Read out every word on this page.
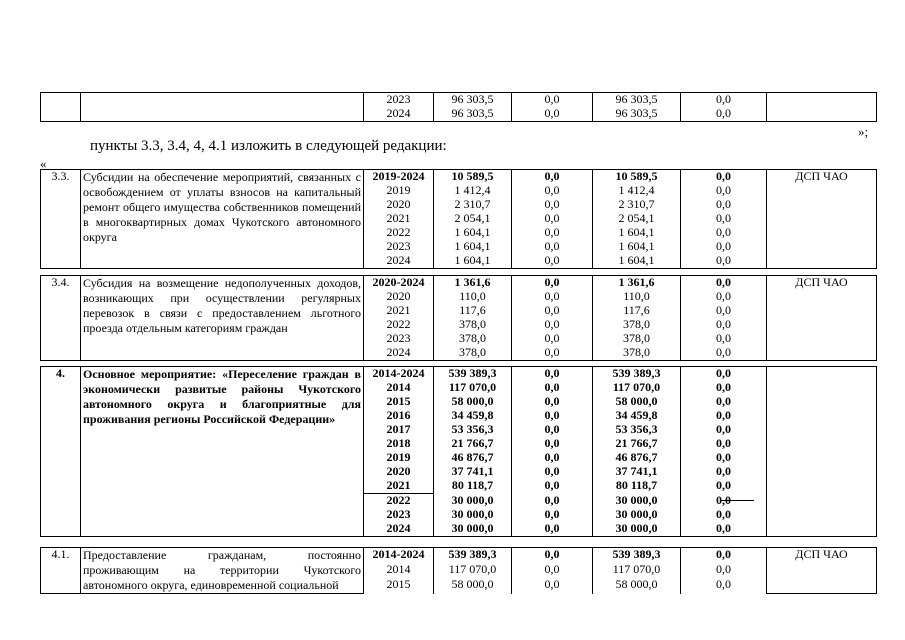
		2023	96 303,5	0,0	96 303,5	0,0	
		2024	96 303,5	0,0	96 303,5	0,0	
»;
пункты 3.3, 3.4, 4, 4.1 изложить в следующей редакции:
«
3.3.	Субсидии на обеспечение мероприятий, связанных с освобождением от уплаты взносов на капитальный ремонт общего имущества собственников помещений в многоквартирных домах Чукотского автономного округа	2019-2024	10 589,5	0,0	10 589,5	0,0	ДСП ЧАО
		2019	1 412,4	0,0	1 412,4	0,0	
		2020	2 310,7	0,0	2 310,7	0,0	
		2021	2 054,1	0,0	2 054,1	0,0	
		2022	1 604,1	0,0	1 604,1	0,0	
		2023	1 604,1	0,0	1 604,1	0,0	
		2024	1 604,1	0,0	1 604,1	0,0	
3.4.	Субсидия на возмещение недополученных доходов, возникающих при осуществлении регулярных перевозок в связи с предоставлением льготного проезда отдельным категориям граждан	2020-2024	1 361,6	0,0	1 361,6	0,0	ДСП ЧАО
		2020	110,0	0,0	110,0	0,0	
		2021	117,6	0,0	117,6	0,0	
		2022	378,0	0,0	378,0	0,0	
		2023	378,0	0,0	378,0	0,0	
		2024	378,0	0,0	378,0	0,0	
4.	Основное мероприятие: «Переселение граждан в экономически развитые районы Чукотского автономного округа и благоприятные для проживания регионы Российской Федерации»	2014-2024	539 389,3	0,0	539 389,3	0,0	
		2014	117 070,0	0,0	117 070,0	0,0	
		2015	58 000,0	0,0	58 000,0	0,0	
		2016	34 459,8	0,0	34 459,8	0,0	
		2017	53 356,3	0,0	53 356,3	0,0	
		2018	21 766,7	0,0	21 766,7	0,0	
		2019	46 876,7	0,0	46 876,7	0,0	
		2020	37 741,1	0,0	37 741,1	0,0	
		2021	80 118,7	0,0	80 118,7	0,0	
		2022	30 000,0	0,0	30 000,0	0,0	
		2023	30 000,0	0,0	30 000,0	0,0	
		2024	30 000,0	0,0	30 000,0	0,0	
4.1.	Предоставление гражданам, постоянно проживающим на территории Чукотского автономного округа, единовременной социальной	2014-2024	539 389,3	0,0	539 389,3	0,0	ДСП ЧАО
		2014	117 070,0	0,0	117 070,0	0,0	
		2015	58 000,0	0,0	58 000,0	0,0	
